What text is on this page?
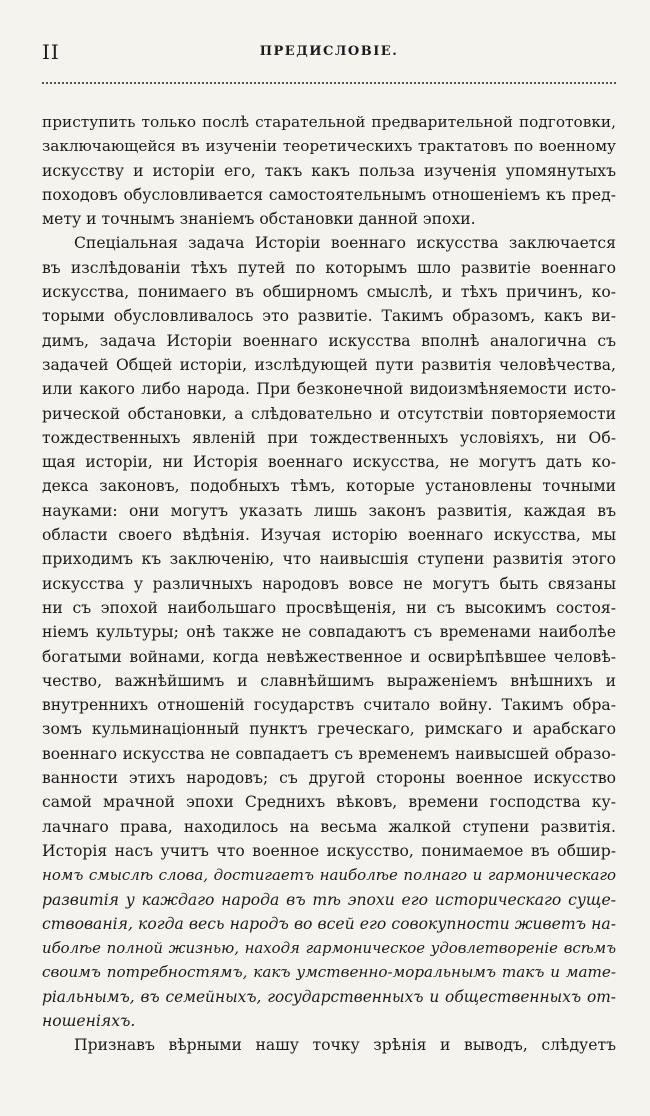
II	ПРЕДИСЛОВІЕ.
приступить только послѣ старательной предварительной подготовки,
заключающейся въ изученіи теоретическихъ трактатовъ по военному
искусству и исторіи его, такъ какъ польза изученія упомянутыхъ
походовъ обусловливается самостоятельнымъ отношеніемъ къ пред-
мету и точнымъ знаніемъ обстановки данной эпохи.
Спеціальная задача Исторіи военнаго искусства заключается
въ изслѣдованіи тѣхъ путей по которымъ шло развитіе военнаго
искусства, понимаего въ обширномъ смыслѣ, и тѣхъ причинъ, ко-
торыми обусловливалось это развитіе. Такимъ образомъ, какъ ви-
димъ, задача Исторіи военнаго искусства вполнѣ аналогична съ
задачей Общей исторіи, изслѣдующей пути развитія человѣчества,
или какого либо народа. При безконечной видоизмѣняемости исто-
рической обстановки, а слѣдовательно и отсутствіи повторяемости
тождественныхъ явленій при тождественныхъ условіяхъ, ни Об-
щая исторіи, ни Исторія военнаго искусства, не могутъ дать ко-
декса законовъ, подобныхъ тѣмъ, которые установлены точными
науками: они могутъ указать лишь законъ развитія, каждая въ
области своего вѣдѣнія. Изучая исторію военнаго искусства, мы
приходимъ къ заключенію, что наивысшія ступени развитія этого
искусства у различныхъ народовъ вовсе не могутъ быть связаны
ни съ эпохой наибольшаго просвѣщенія, ни съ высокимъ состоя-
ніемъ культуры; онѣ также не совпадаютъ съ временами наиболѣе
богатыми войнами, когда невѣжественное и освирѣпѣвшее человѣ-
чество, важнѣйшимъ и славнѣйшимъ выраженіемъ внѣшнихъ и
внутреннихъ отношеній государствъ считало войну. Такимъ обра-
зомъ кульминаціонный пунктъ греческаго, римскаго и арабскаго
военнаго искусства не совпадаетъ съ временемъ наивысшей образо-
ванности этихъ народовъ; съ другой стороны военное искусство
самой мрачной эпохи Среднихъ вѣковъ, времени господства ку-
лачнаго права, находилось на весьма жалкой ступени развитія.
Исторія насъ учитъ что военное искусство, понимаемое въ обшир-
номъ смыслѣ слова, достигаетъ наиболѣе полнаго и гармоническаго
развитія у каждаго народа въ тѣ эпохи его историческаго суще-
ствованія, когда весь народъ во всей его совокупности живетъ на-
иболѣе полной жизнью, находя гармоническое удовлетвореніе всѣмъ
своимъ потребностямъ, какъ умственно-моральнымъ такъ и мате-
ріальнымъ, въ семейныхъ, государственныхъ и общественныхъ от-
ношеніяхъ.
Признавъ вѣрными нашу точку зрѣнія и выводъ, слѣдуетъ
